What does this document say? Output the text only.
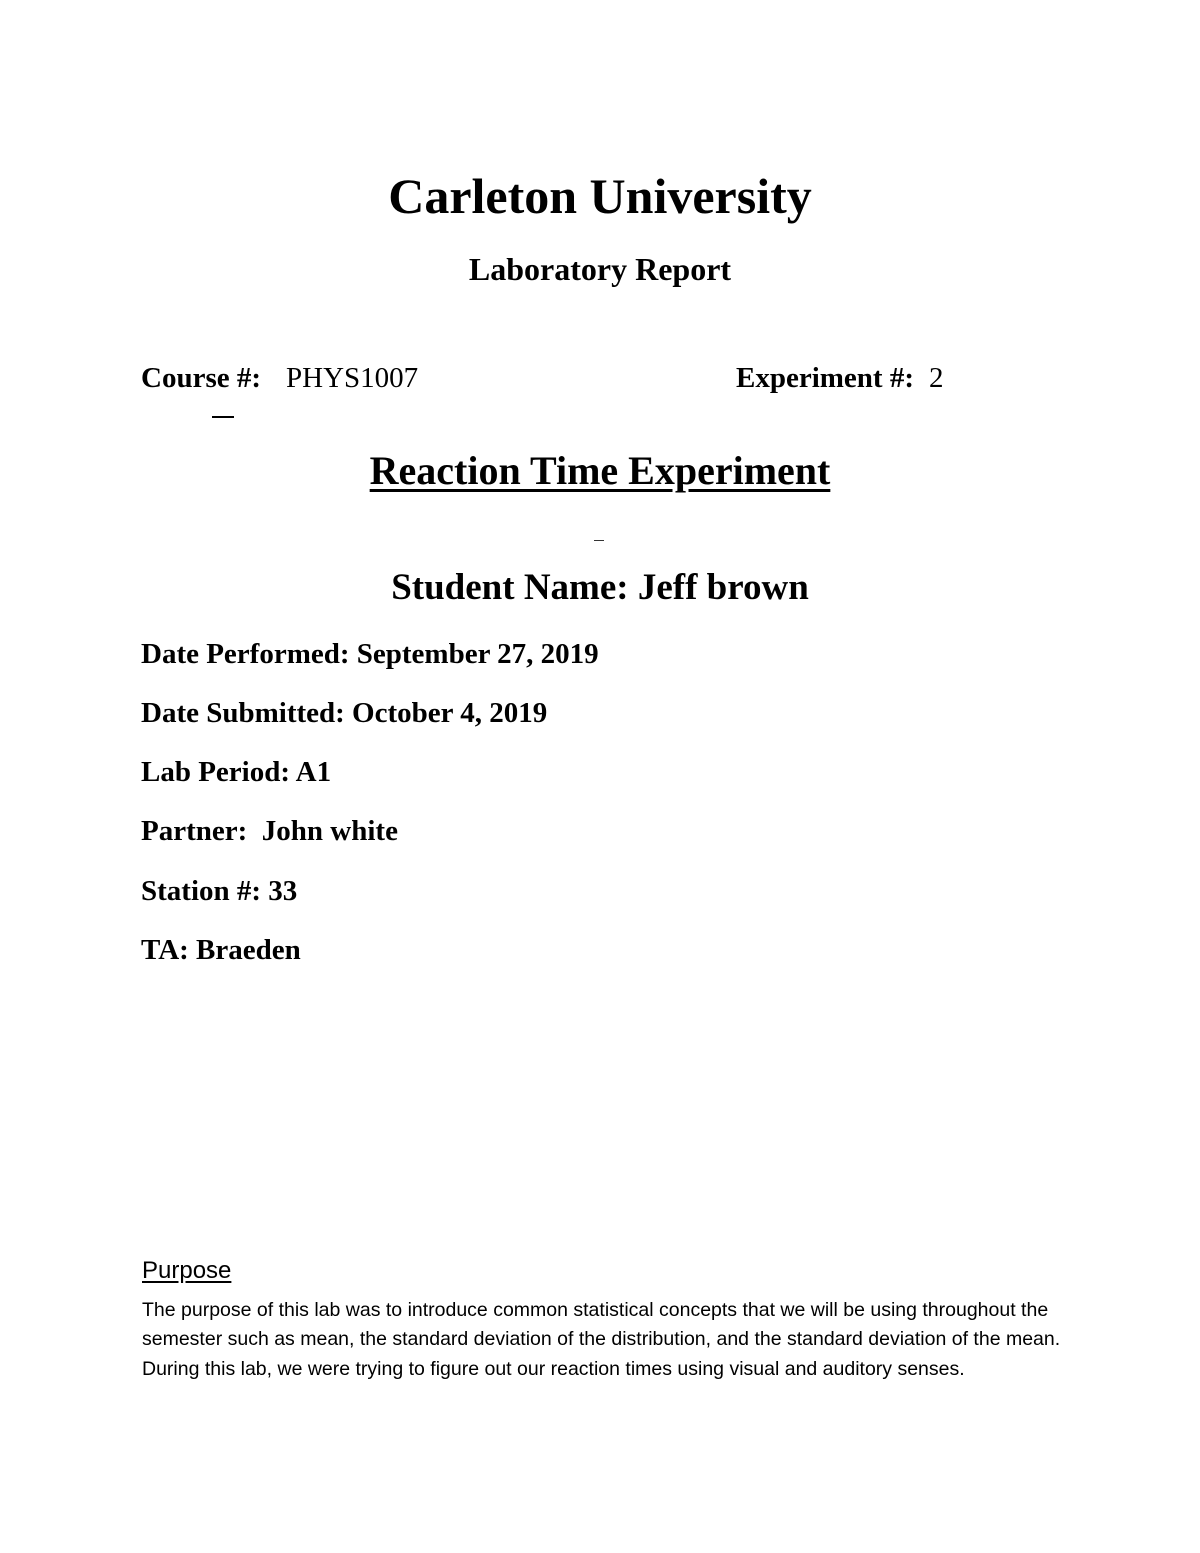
Carleton University
Laboratory Report
Course #: PHYS1007	Experiment #: 2
Reaction Time Experiment
Student Name: Jeff brown
Date Performed: September 27, 2019
Date Submitted: October 4, 2019
Lab Period: A1
Partner:  John white
Station #: 33
TA: Braeden
Purpose
The purpose of this lab was to introduce common statistical concepts that we will be using throughout the semester such as mean, the standard deviation of the distribution, and the standard deviation of the mean. During this lab, we were trying to figure out our reaction times using visual and auditory senses.
